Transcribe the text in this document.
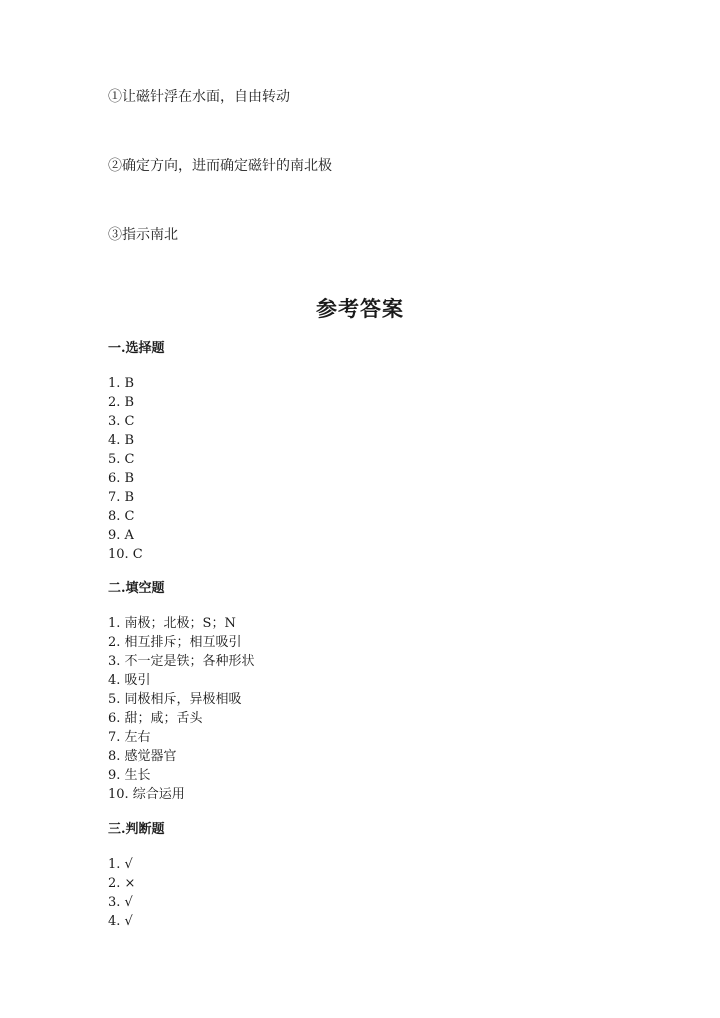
①让磁针浮在水面，自由转动
②确定方向，进而确定磁针的南北极
③指示南北
参考答案
一.选择题
1. B
2. B
3. C
4. B
5. C
6. B
7. B
8. C
9. A
10. C
二.填空题
1. 南极；北极；S；N
2. 相互排斥；相互吸引
3. 不一定是铁；各种形状
4. 吸引
5. 同极相斥，异极相吸
6. 甜；咸；舌头
7. 左右
8. 感觉器官
9. 生长
10. 综合运用
三.判断题
1. √
2. ×
3. √
4. √
